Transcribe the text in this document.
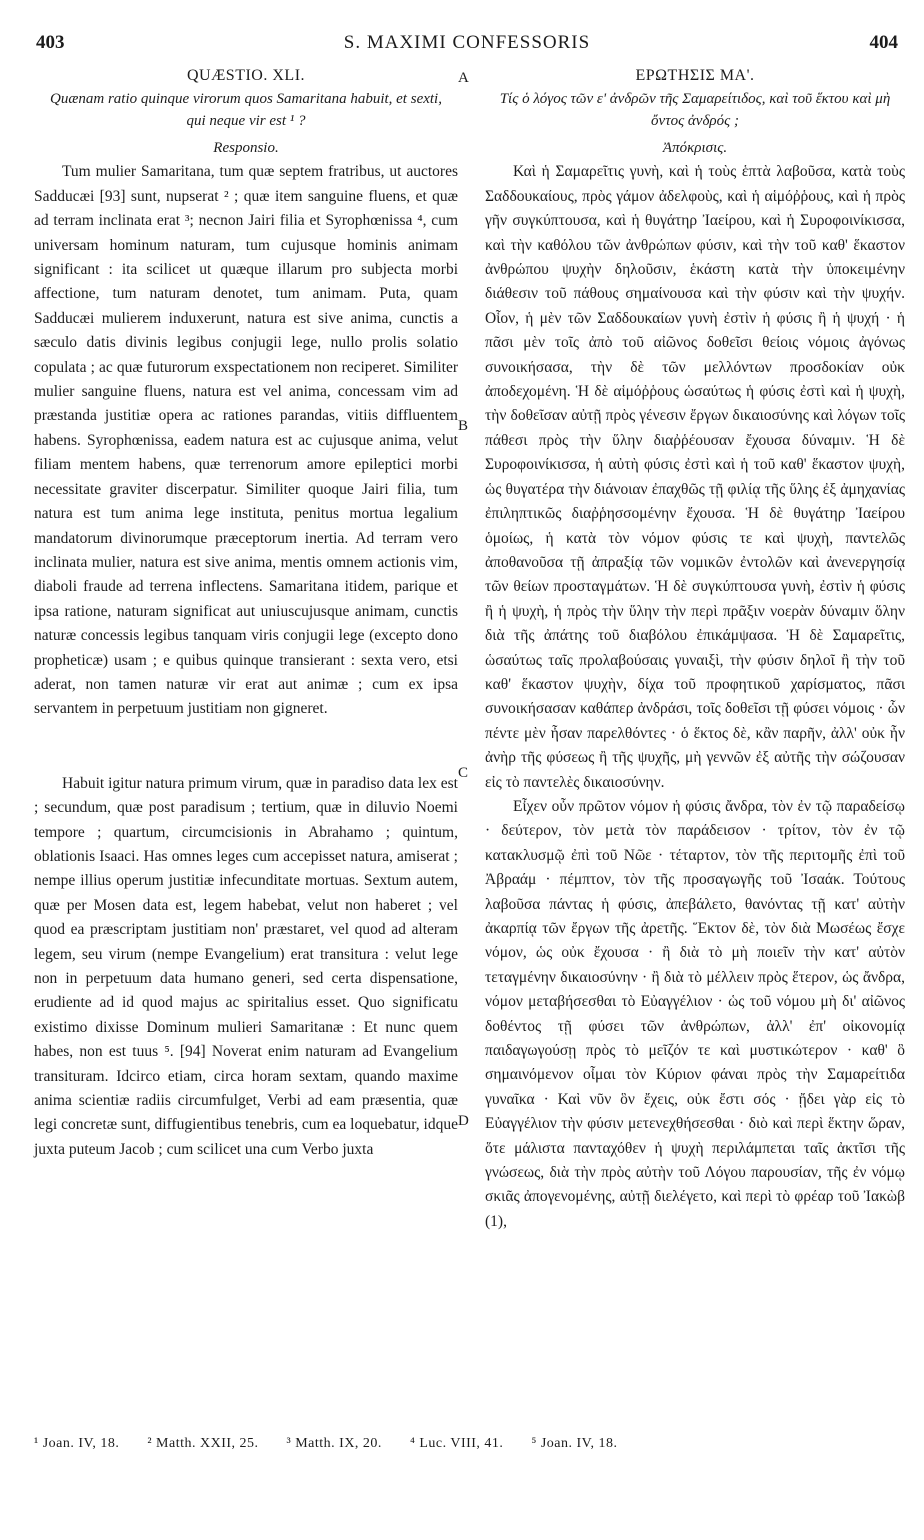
403	S. MAXIMI CONFESSORIS	404
A
B
C
D
QUÆSTIO. XLI.
Quænam ratio quinque virorum quos Samaritana habuit, et sexti, qui neque vir est ¹ ?
Responsio.

Tum mulier Samaritana, tum quæ septem fratribus, ut auctores Sadducæi [93] sunt, nupserat ² ; quæ item sanguine fluens, et quæ ad terram inclinata erat ³; necnon Jairi filia et Syrophœnissa ⁴, cum universam hominum naturam, tum cujusque hominis animam significant : ita scilicet ut quæque illarum pro subjecta morbi affectione, tum naturam denotet, tum animam. Puta, quam Sadducæi mulierem induxerunt, natura est sive anima, cunctis a sæculo datis divinis legibus conjugii lege, nullo prolis solatio copulata ; ac quæ futurorum exspectationem non reciperet. Similiter mulier sanguine fluens, natura est vel anima, concessam vim ad præstanda justitiæ opera ac rationes parandas, vitiis diffluentem habens. Syrophœnissa, eadem natura est ac cujusque anima, velut filiam mentem habens, quæ terrenorum amore epileptici morbi necessitate graviter discerpatur. Similiter quoque Jairi filia, tum natura est tum anima lege instituta, penitus mortua legalium mandatorum divinorumque præceptorum inertia. Ad terram vero inclinata mulier, natura est sive anima, mentis omnem actionis vim, diaboli fraude ad terrena inflectens. Samaritana itidem, parique et ipsa ratione, naturam significat aut uniuscujusque animam, cunctis naturæ concessis legibus tanquam viris conjugii lege (excepto dono propheticæ) usam ; e quibus quinque transierant : sexta vero, etsi aderat, non tamen naturæ vir erat aut animæ ; cum ex ipsa servantem in perpetuum justitiam non gigneret.

Habuit igitur natura primum virum, quæ in paradiso data lex est ; secundum, quæ post paradisum ; tertium, quæ in diluvio Noemi tempore ; quartum, circumcisionis in Abrahamo ; quintum, oblationis Isaaci. Has omnes leges cum accepisset natura, amiserat ; nempe illius operum justitiæ infecunditate mortuas. Sextum autem, quæ per Mosen data est, legem habebat, velut non haberet ; vel quod ea præscriptam justitiam non' præstaret, vel quod ad alteram legem, seu virum (nempe Evangelium) erat transitura : velut lege non in perpetuum data humano generi, sed certa dispensatione, erudiente ad id quod majus ac spiritalius esset. Quo significatu existimo dixisse Dominum mulieri Samaritanæ : Et nunc quem habes, non est tuus ⁵. [94] Noverat enim naturam ad Evangelium transituram. Idcirco etiam, circa horam sextam, quando maxime anima scientiæ radiis circumfulget, Verbi ad eam præsentia, quæ legi concretæ sunt, diffugientibus tenebris, cum ea loquebatur, idque juxta puteum Jacob ; cum scilicet una cum Verbo juxta

ΕΡΩΤΗΣΙΣ ΜΑ'.
Τίς ὁ λόγος τῶν ε' ἀνδρῶν τῆς Σαμαρείτιδος, καὶ τοῦ ἕκτου καὶ μὴ ὄντος ἀνδρός ;
Ἀπόκρισις.

Καὶ ἡ Σαμαρεῖτις γυνὴ, καὶ ἡ τοὺς ἑπτὰ λαβοῦσα, κατὰ τοὺς Σαδδουκαίους, πρὸς γάμον ἀδελφοὺς, καὶ ἡ αἱμόῤῥους, καὶ ἡ πρὸς γῆν συγκύπτουσα, καὶ ἡ θυγάτηρ Ἰαείρου, καὶ ἡ Συροφοινίκισσα, καὶ τὴν καθόλου τῶν ἀνθρώπων φύσιν, καὶ τὴν τοῦ καθ' ἕκαστον ἀνθρώπου ψυχὴν δηλοῦσιν, ἑκάστη κατὰ τὴν ὑποκειμένην διάθεσιν τοῦ πάθους σημαίνουσα καὶ τὴν φύσιν καὶ τὴν ψυχήν. Οἷον, ἡ μὲν τῶν Σαδδουκαίων γυνὴ ἐστὶν ἡ φύσις ἢ ἡ ψυχή · ἡ πᾶσι μὲν τοῖς ἀπὸ τοῦ αἰῶνος δοθεῖσι θείοις νόμοις ἀγόνως συνοικήσασα, τὴν δὲ τῶν μελλόντων προσδοκίαν οὐκ ἀποδεχομένη. Ἡ δὲ αἱμόῤῥους ὡσαύτως ἡ φύσις ἐστὶ καὶ ἡ ψυχὴ, τὴν δοθεῖσαν αὐτῇ πρὸς γένεσιν ἔργων δικαιοσύνης καὶ λόγων τοῖς πάθεσι πρὸς τὴν ὕλην διαῤῥέουσαν ἔχουσα δύναμιν. Ἡ δὲ Συροφοινίκισσα, ἡ αὐτὴ φύσις ἐστὶ καὶ ἡ τοῦ καθ' ἕκαστον ψυχὴ, ὡς θυγατέρα τὴν διάνοιαν ἐπαχθῶς τῇ φιλίᾳ τῆς ὕλης ἐξ ἀμηχανίας ἐπιληπτικῶς διαῤῥησσομένην ἔχουσα. Ἡ δὲ θυγάτηρ Ἰαείρου ὁμοίως, ἡ κατὰ τὸν νόμον φύσις τε καὶ ψυχὴ, παντελῶς ἀποθανοῦσα τῇ ἀπραξίᾳ τῶν νομικῶν ἐντολῶν καὶ ἀνενεργησίᾳ τῶν θείων προσταγμάτων. Ἡ δὲ συγκύπτουσα γυνὴ, ἐστὶν ἡ φύσις ἢ ἡ ψυχὴ, ἡ πρὸς τὴν ὕλην τὴν περὶ πρᾶξιν νοερὰν δύναμιν ὅλην διὰ τῆς ἀπάτης τοῦ διαβόλου ἐπικάμψασα. Ἡ δὲ Σαμαρεῖτις, ὡσαύτως ταῖς προλαβούσαις γυναιξὶ, τὴν φύσιν δηλοῖ ἢ τὴν τοῦ καθ' ἕκαστον ψυχὴν, δίχα τοῦ προφητικοῦ χαρίσματος, πᾶσι συνοικήσασαν καθάπερ ἀνδράσι, τοῖς δοθεῖσι τῇ φύσει νόμοις · ὧν πέντε μὲν ἦσαν παρελθόντες · ὁ ἕκτος δὲ, κἂν παρῆν, ἀλλ' οὐκ ἦν ἀνὴρ τῆς φύσεως ἢ τῆς ψυχῆς, μὴ γεννῶν ἐξ αὐτῆς τὴν σώζουσαν εἰς τὸ παντελὲς δικαιοσύνην.

Εἶχεν οὖν πρῶτον νόμον ἡ φύσις ἄνδρα, τὸν ἐν τῷ παραδείσῳ · δεύτερον, τὸν μετὰ τὸν παράδεισον · τρίτον, τὸν ἐν τῷ κατακλυσμῷ ἐπὶ τοῦ Νῶε · τέταρτον, τὸν τῆς περιτομῆς ἐπὶ τοῦ Ἀβραάμ · πέμπτον, τὸν τῆς προσαγωγῆς τοῦ Ἰσαάκ. Τούτους λαβοῦσα πάντας ἡ φύσις, ἀπεβάλετο, θανόντας τῇ κατ' αὐτὴν ἀκαρπίᾳ τῶν ἔργων τῆς ἀρετῆς. Ἕκτον δὲ, τὸν διὰ Μωσέως ἔσχε νόμον, ὡς οὐκ ἔχουσα · ἢ διὰ τὸ μὴ ποιεῖν τὴν κατ' αὐτὸν τεταγμένην δικαιοσύνην · ἢ διὰ τὸ μέλλειν πρὸς ἕτερον, ὡς ἄνδρα, νόμον μεταβήσεσθαι τὸ Εὐαγγέλιον · ὡς τοῦ νόμου μὴ δι' αἰῶνος δοθέντος τῇ φύσει τῶν ἀνθρώπων, ἀλλ' ἐπ' οἰκονομίᾳ παιδαγωγούσῃ πρὸς τὸ μεῖζόν τε καὶ μυστικώτερον · καθ' ὃ σημαινόμενον οἶμαι τὸν Κύριον φάναι πρὸς τὴν Σαμαρείτιδα γυναῖκα · Καὶ νῦν ὃν ἔχεις, οὐκ ἔστι σός · ᾔδει γὰρ εἰς τὸ Εὐαγγέλιον τὴν φύσιν μετενεχθήσεσθαι · διὸ καὶ περὶ ἕκτην ὥραν, ὅτε μάλιστα πανταχόθεν ἡ ψυχὴ περιλάμπεται ταῖς ἀκτῖσι τῆς γνώσεως, διὰ τὴν πρὸς αὐτὴν τοῦ Λόγου παρουσίαν, τῆς ἐν νόμῳ σκιᾶς ἀπογενομένης, αὐτῇ διελέγετο, καὶ περὶ τὸ φρέαρ τοῦ Ἰακὼβ (1),

¹ Joan. IV, 18. ² Matth. XXII, 25. ³ Matth. IX, 20. ⁴ Luc. VIII, 41. ⁵ Joan. IV, 18.
